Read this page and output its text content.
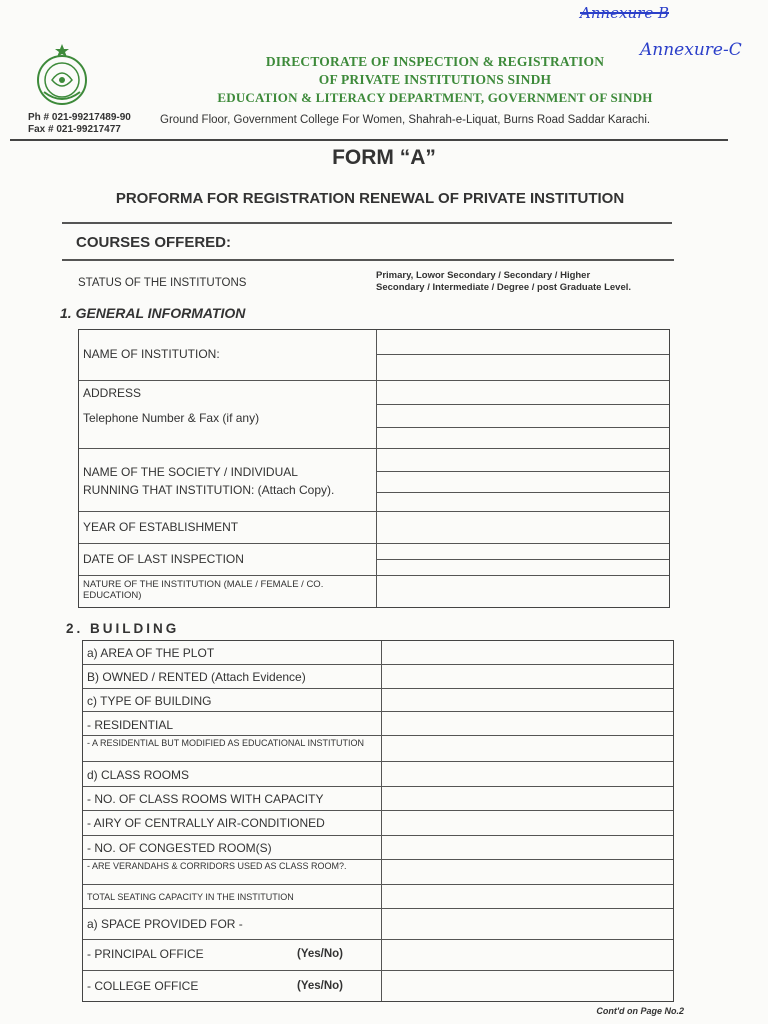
Annexure B
Annexure-C
DIRECTORATE OF INSPECTION & REGISTRATION
OF PRIVATE INSTITUTIONS SINDH
EDUCATION & LITERACY DEPARTMENT, GOVERNMENT OF SINDH
Ph # 021-99217489-90
Fax # 021-99217477
Ground Floor, Government College For Women, Shahrah-e-Liquat, Burns Road Saddar Karachi.
FORM “A”
PROFORMA FOR REGISTRATION RENEWAL OF PRIVATE INSTITUTION
COURSES OFFERED:
STATUS OF THE INSTITUTONS
Primary, Lowor Secondary / Secondary / Higher
Secondary / Intermediate / Degree / post Graduate Level.
1. GENERAL INFORMATION
NAME OF INSTITUTION:
ADDRESS
Telephone Number & Fax (if any)
NAME OF THE SOCIETY / INDIVIDUAL
RUNNING THAT INSTITUTION: (Attach Copy).
YEAR OF ESTABLISHMENT
DATE OF LAST INSPECTION
NATURE OF THE INSTITUTION (MALE / FEMALE / CO. EDUCATION)
2. BUILDING
a) AREA OF THE PLOT
B) OWNED / RENTED (Attach Evidence)
c) TYPE OF BUILDING
- RESIDENTIAL
- A RESIDENTIAL BUT MODIFIED AS EDUCATIONAL INSTITUTION
d) CLASS ROOMS
- NO. OF CLASS ROOMS WITH CAPACITY
- AIRY OF CENTRALLY AIR-CONDITIONED
- NO. OF CONGESTED ROOM(S)
- ARE VERANDAHS & CORRIDORS USED AS CLASS ROOM?.
TOTAL SEATING CAPACITY IN THE INSTITUTION
a) SPACE PROVIDED FOR -
- PRINCIPAL OFFICE	(Yes/No)
- COLLEGE OFFICE	(Yes/No)
Cont'd on Page No.2
